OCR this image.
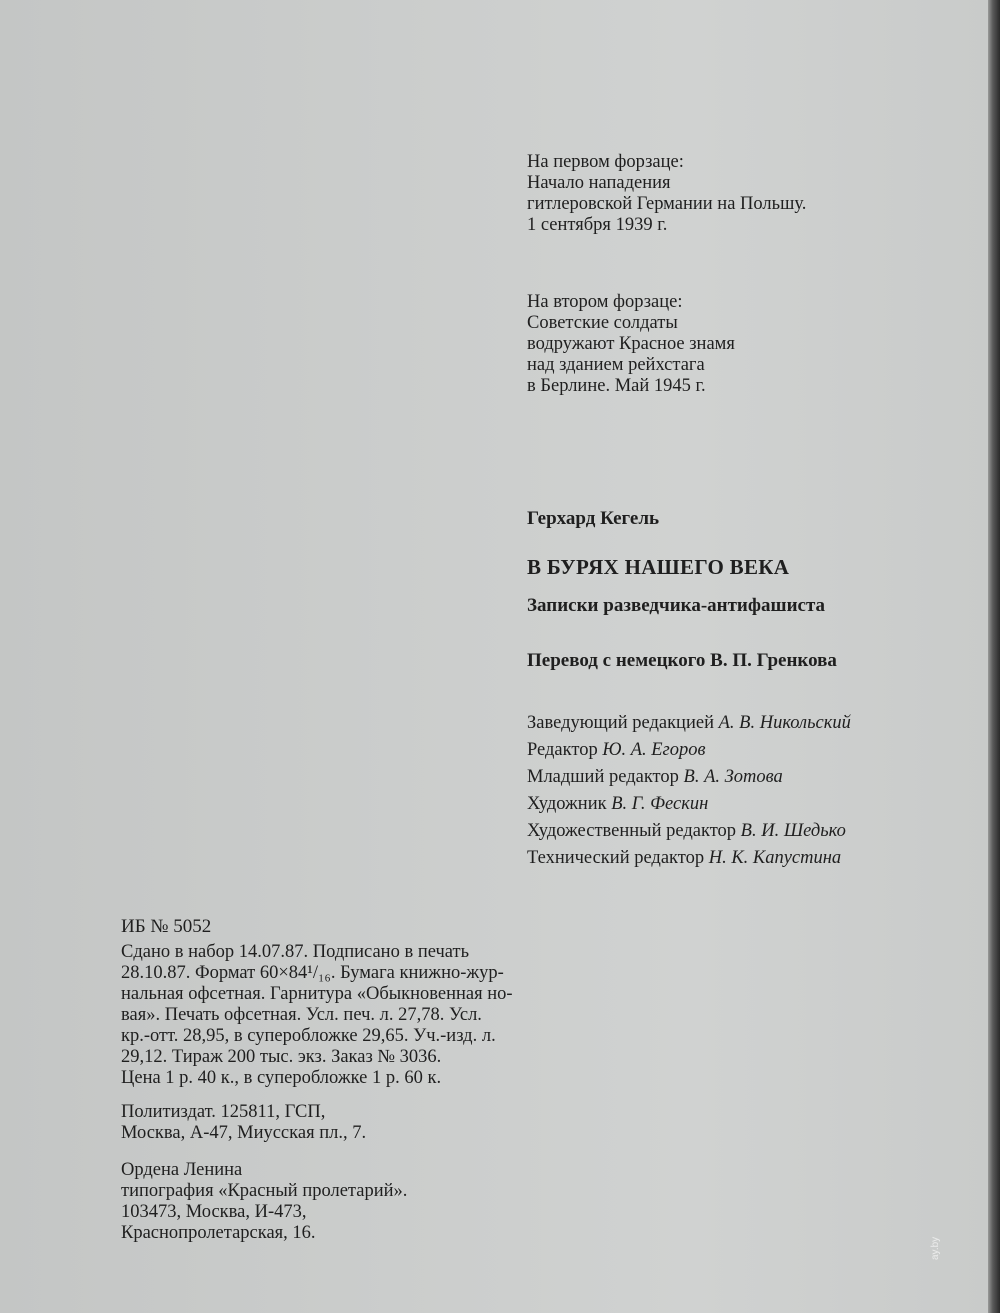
На первом форзаце:
Начало нападения
гитлеровской Германии на Польшу.
1 сентября 1939 г.
На втором форзаце:
Советские солдаты
водружают Красное знамя
над зданием рейхстага
в Берлине. Май 1945 г.
Герхард Кегель
В БУРЯХ НАШЕГО ВЕКА
Записки разведчика-антифашиста
Перевод с немецкого В. П. Гренкова
Заведующий редакцией А. В. Никольский
Редактор Ю. А. Егоров
Младший редактор В. А. Зотова
Художник В. Г. Фескин
Художественный редактор В. И. Шедько
Технический редактор Н. К. Капустина
ИБ № 5052
Сдано в набор 14.07.87. Подписано в печать
28.10.87. Формат 60×84¹/₁₆. Бумага книжно-жур-
нальная офсетная. Гарнитура «Обыкновенная но-
вая». Печать офсетная. Усл. печ. л. 27,78. Усл.
кр.-отт. 28,95, в суперобложке 29,65. Уч.-изд. л.
29,12. Тираж 200 тыс. экз. Заказ № 3036.
Цена 1 р. 40 к., в суперобложке 1 р. 60 к.
Политиздат. 125811, ГСП,
Москва, А-47, Миусская пл., 7.
Ордена Ленина
типография «Красный пролетарий».
103473, Москва, И-473,
Краснопролетарская, 16.
ay.by
